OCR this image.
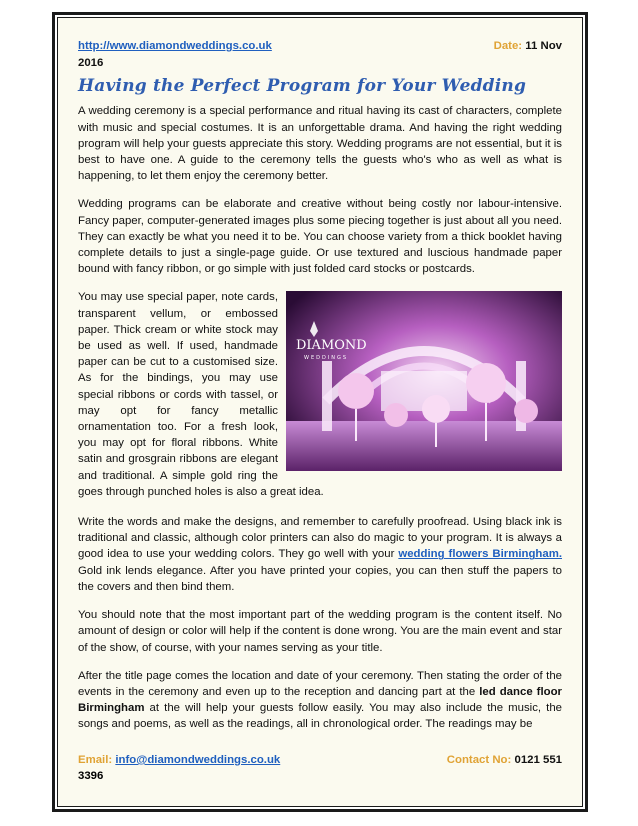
http://www.diamondweddings.co.uk	Date: 11 Nov
2016
Having the Perfect Program for Your Wedding

A wedding ceremony is a special performance and ritual having its cast of characters, complete with music and special costumes. It is an unforgettable drama. And having the right wedding program will help your guests appreciate this story. Wedding programs are not essential, but it is best to have one. A guide to the ceremony tells the guests who's who as well as what is happening, to let them enjoy the ceremony better.

Wedding programs can be elaborate and creative without being costly nor labour-intensive. Fancy paper, computer-generated images plus some piecing together is just about all you need. They can exactly be what you need it to be. You can choose variety from a thick booklet having complete details to just a single-page guide. Or use textured and luscious handmade paper bound with fancy ribbon, or go simple with just folded card stocks or postcards.

DIAMOND
WEDDINGS
You may use special paper, note cards, transparent vellum, or embossed paper. Thick cream or white stock may be used as well. If used, handmade paper can be cut to a customised size. As for the bindings, you may use special ribbons or cords with tassel, or may opt for fancy metallic ornamentation too. For a fresh look, you may opt for floral ribbons. White satin and grosgrain ribbons are elegant and traditional. A simple gold ring the goes through punched holes is also a great idea.

Write the words and make the designs, and remember to carefully proofread. Using black ink is traditional and classic, although color printers can also do magic to your program. It is always a good idea to use your wedding colors. They go well with your wedding flowers Birmingham. Gold ink lends elegance. After you have printed your copies, you can then stuff the papers to the covers and then bind them.

You should note that the most important part of the wedding program is the content itself. No amount of design or color will help if the content is done wrong. You are the main event and star of the show, of course, with your names serving as your title.

After the title page comes the location and date of your ceremony. Then stating the order of the events in the ceremony and even up to the reception and dancing part at the led dance floor Birmingham at the will help your guests follow easily. You may also include the music, the songs and poems, as well as the readings, all in chronological order. The readings may be

Email: info@diamondweddings.co.uk	Contact No: 0121 551
3396
